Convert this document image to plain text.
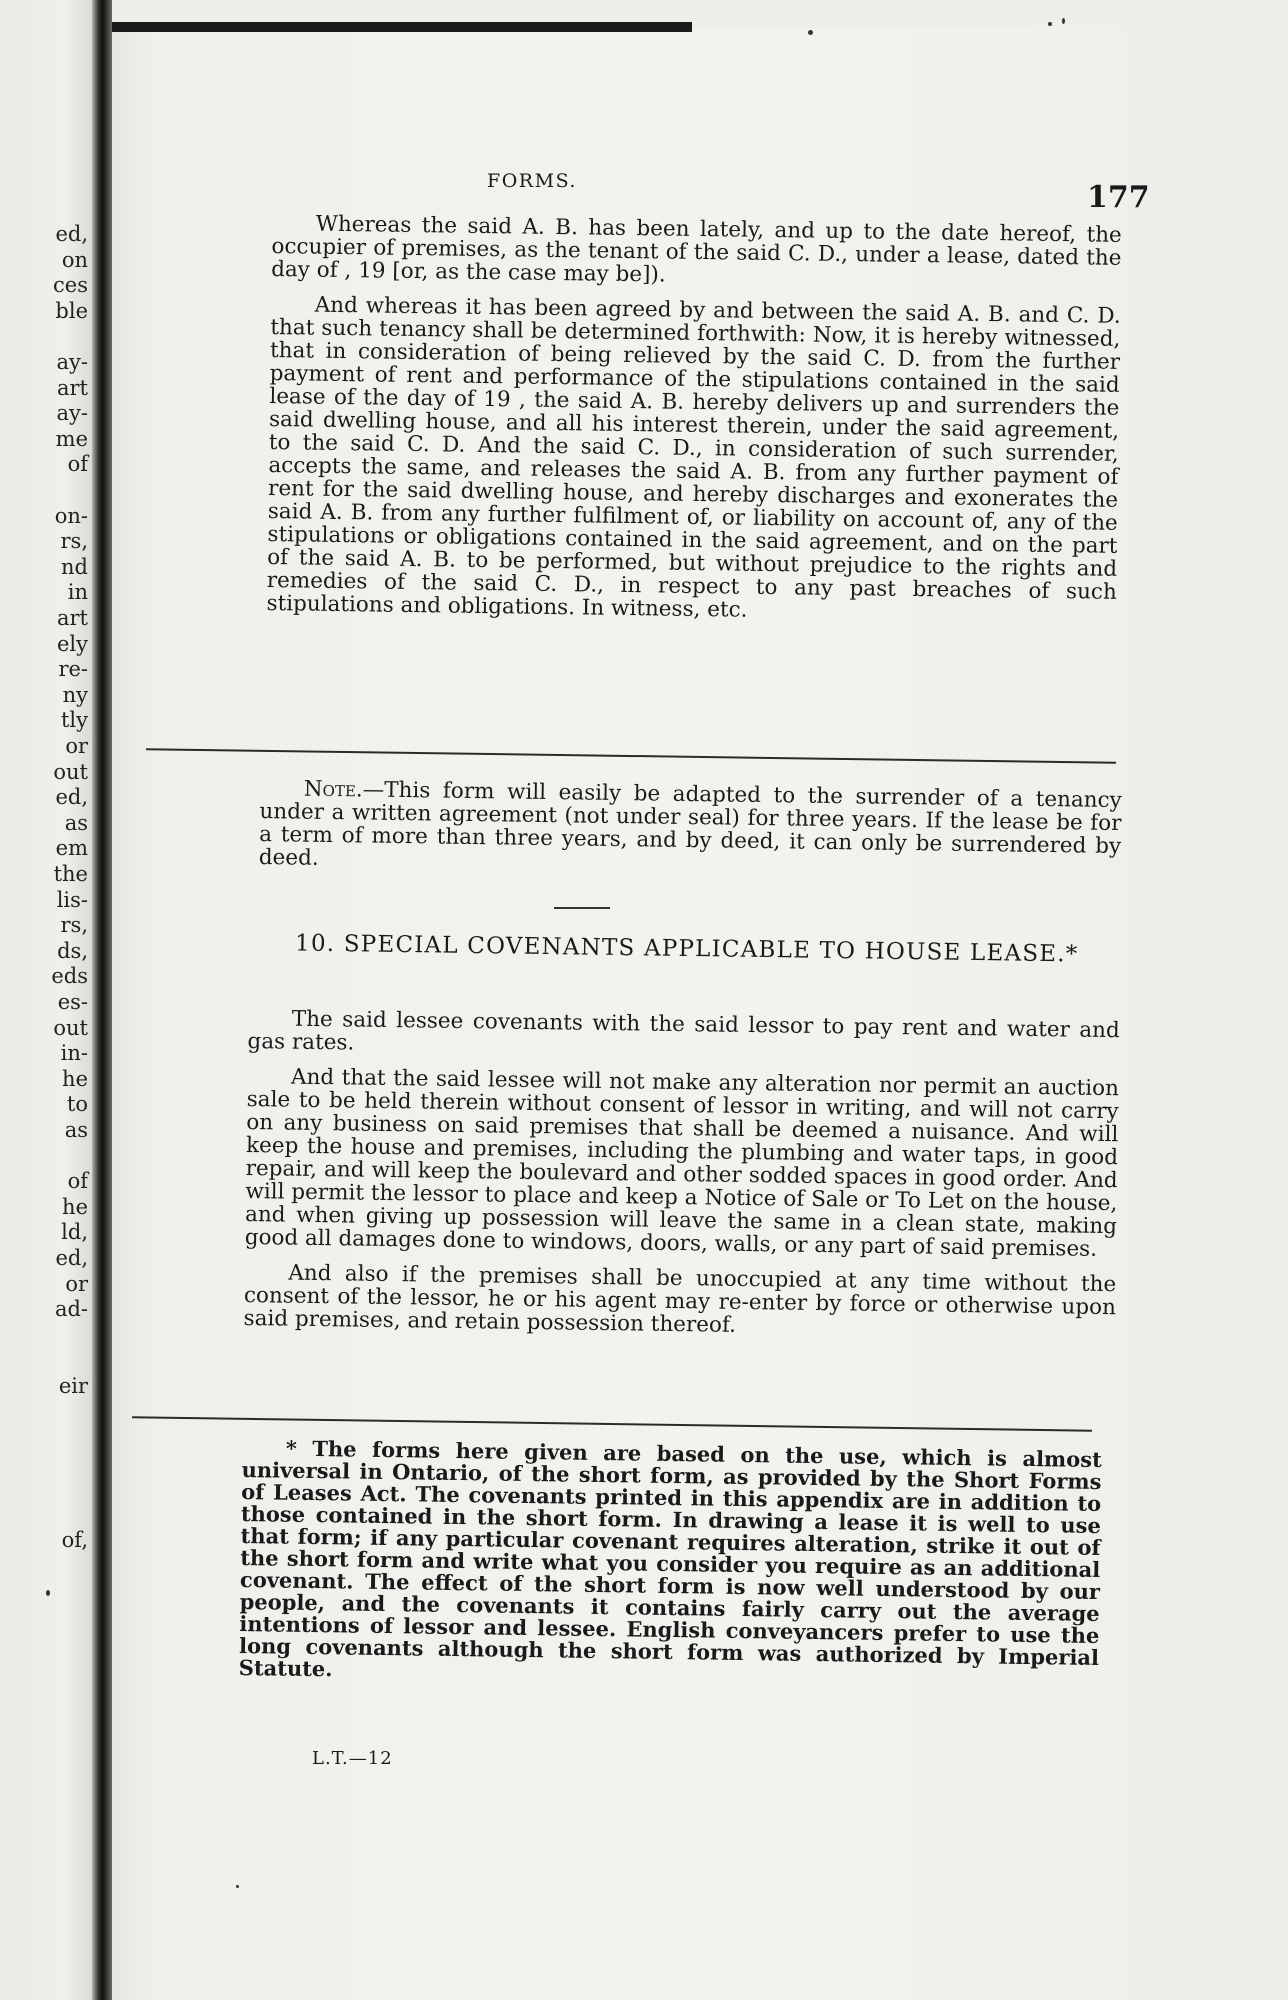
ed,
on
ces
ble
ay-
art
ay-
me
of
on-
rs,
nd
in
art
ely
re-
ny
tly
or
out
ed,
as
em
the
lis-
rs,
ds,
eds
es-
out
in-
he
to
as
of
he
ld,
ed,
or
ad-
eir
of,
FORMS.	177

Whereas the said A. B. has been lately, and up to the date hereof, the occupier of premises, as the tenant of the said C. D., under a lease, dated the day of , 19 [or, as the case may be]).

And whereas it has been agreed by and between the said A. B. and C. D. that such tenancy shall be determined forthwith: Now, it is hereby witnessed, that in consideration of being relieved by the said C. D. from the further payment of rent and performance of the stipulations contained in the said lease of the day of 19 , the said A. B. hereby delivers up and surrenders the said dwelling house, and all his interest therein, under the said agreement, to the said C. D. And the said C. D., in consideration of such surrender, accepts the same, and releases the said A. B. from any further payment of rent for the said dwelling house, and hereby discharges and exonerates the said A. B. from any further fulfilment of, or liability on account of, any of the stipulations or obligations contained in the said agreement, and on the part of the said A. B. to be performed, but without prejudice to the rights and remedies of the said C. D., in respect to any past breaches of such stipulations and obligations. In witness, etc.

Note.—This form will easily be adapted to the surrender of a tenancy under a written agreement (not under seal) for three years. If the lease be for a term of more than three years, and by deed, it can only be surrendered by deed.

10. SPECIAL COVENANTS APPLICABLE TO HOUSE LEASE.*

The said lessee covenants with the said lessor to pay rent and water and gas rates.

And that the said lessee will not make any alteration nor permit an auction sale to be held therein without consent of lessor in writing, and will not carry on any business on said premises that shall be deemed a nuisance. And will keep the house and premises, including the plumbing and water taps, in good repair, and will keep the boulevard and other sodded spaces in good order. And will permit the lessor to place and keep a Notice of Sale or To Let on the house, and when giving up possession will leave the same in a clean state, making good all damages done to windows, doors, walls, or any part of said premises.

And also if the premises shall be unoccupied at any time without the consent of the lessor, he or his agent may re-enter by force or otherwise upon said premises, and retain possession thereof.

* The forms here given are based on the use, which is almost universal in Ontario, of the short form, as provided by the Short Forms of Leases Act. The covenants printed in this appendix are in addition to those contained in the short form. In drawing a lease it is well to use that form; if any particular covenant requires alteration, strike it out of the short form and write what you consider you require as an additional covenant. The effect of the short form is now well understood by our people, and the covenants it contains fairly carry out the average intentions of lessor and lessee. English conveyancers prefer to use the long covenants although the short form was authorized by Imperial Statute.

L.T.—12
